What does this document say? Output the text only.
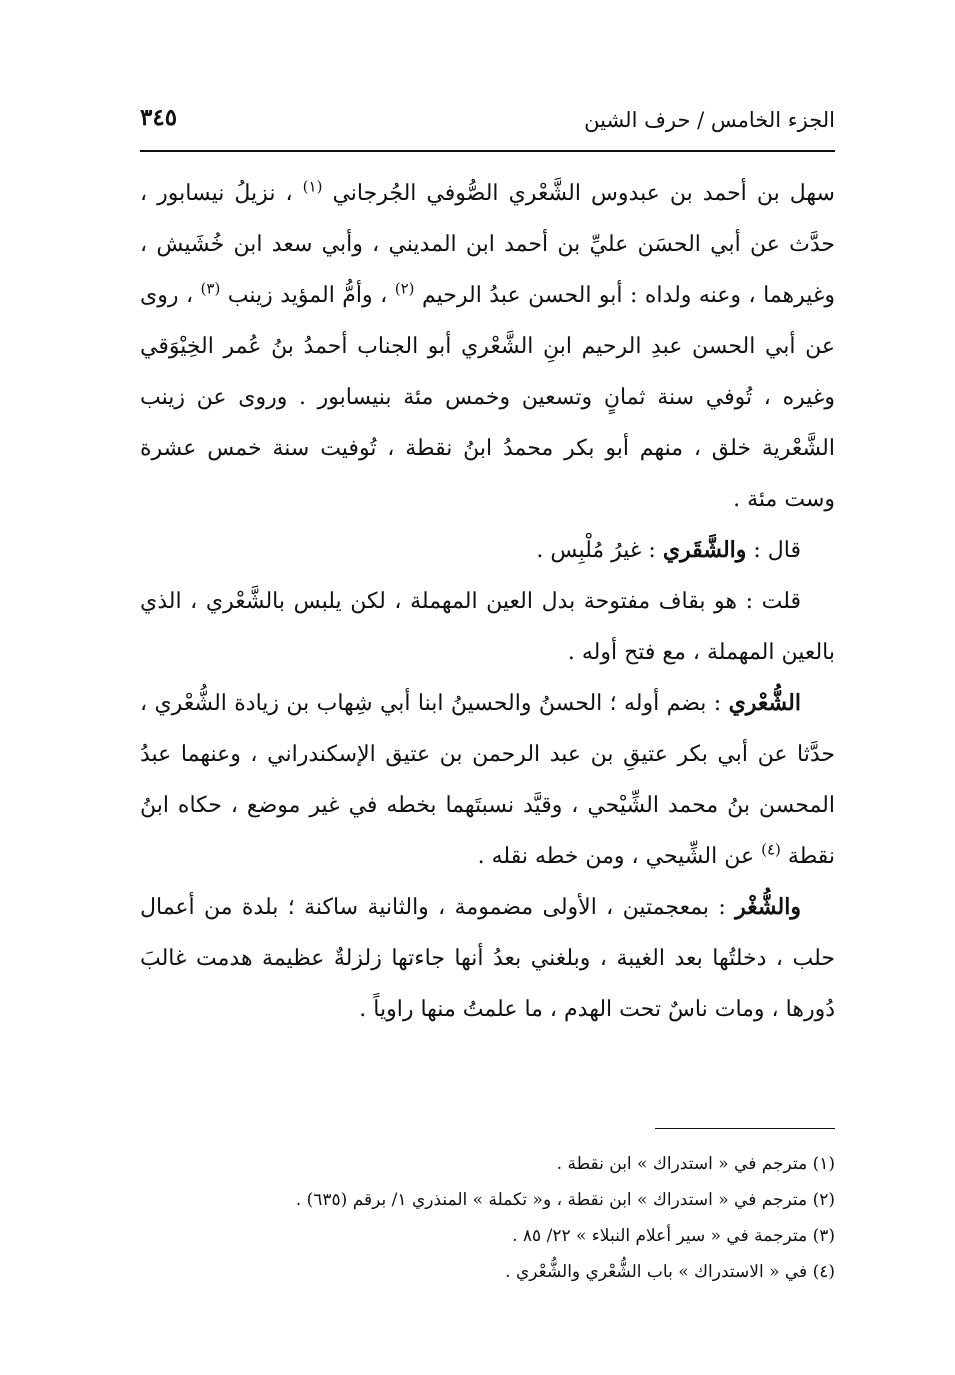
الجزء الخامس / حرف الشين
٣٤٥

سهل بن أحمد بن عبدوس الشَّعْري الصُّوفي الجُرجاني $^{(١)}$ ، نزيلُ نيسابور ، حدَّث عن أبي الحسَن عليِّ بن أحمد ابن المديني ، وأبي سعد ابن خُشَيش ، وغيرهما ، وعنه ولداه : أبو الحسن عبدُ الرحيم $^{(٢)}$ ، وأمُّ المؤيد زينب $^{(٣)}$ ، روى عن أبي الحسن عبدِ الرحيم ابنِ الشَّعْري أبو الجناب أحمدُ بنُ عُمر الخِيْوَقي وغيره ، تُوفي سنة ثمانٍ وتسعين وخمس مئة بنيسابور . وروى عن زينب الشَّعْرية خلق ، منهم أبو بكر محمدُ ابنُ نقطة ، تُوفيت سنة خمس عشرة وست مئة .

قال : والشَّقَري : غيرُ مُلْبِس .

قلت : هو بقاف مفتوحة بدل العين المهملة ، لكن يلبس بالشَّعْري ، الذي بالعين المهملة ، مع فتح أوله .

الشُّعْري : بضم أوله ؛ الحسنُ والحسينُ ابنا أبي شِهاب بن زيادة الشُّعْري ، حدَّثا عن أبي بكر عتيقِ بن عبد الرحمن بن عتيق الإسكندراني ، وعنهما عبدُ المحسن بنُ محمد الشِّيْحي ، وقيَّد نسبتَهما بخطه في غير موضع ، حكاه ابنُ نقطة $^{(٤)}$ عن الشِّيحي ، ومن خطه نقله .

والشُّغْر : بمعجمتين ، الأولى مضمومة ، والثانية ساكنة ؛ بلدة من أعمال حلب ، دخلتُها بعد الغيبة ، وبلغني بعدُ أنها جاءتها زلزلةٌ عظيمة هدمت غالبَ دُورها ، ومات ناسٌ تحت الهدم ، ما علمتُ منها راوياً .

(١) مترجم في « استدراك » ابن نقطة .

(٢) مترجم في « استدراك » ابن نقطة ، و« تكملة » المنذري ١/ برقم (٦٣٥) .

(٣) مترجمة في « سير أعلام النبلاء » ٢٢/ ٨٥ .

(٤) في « الاستدراك » باب الشُّعْري والشُّعْري .
